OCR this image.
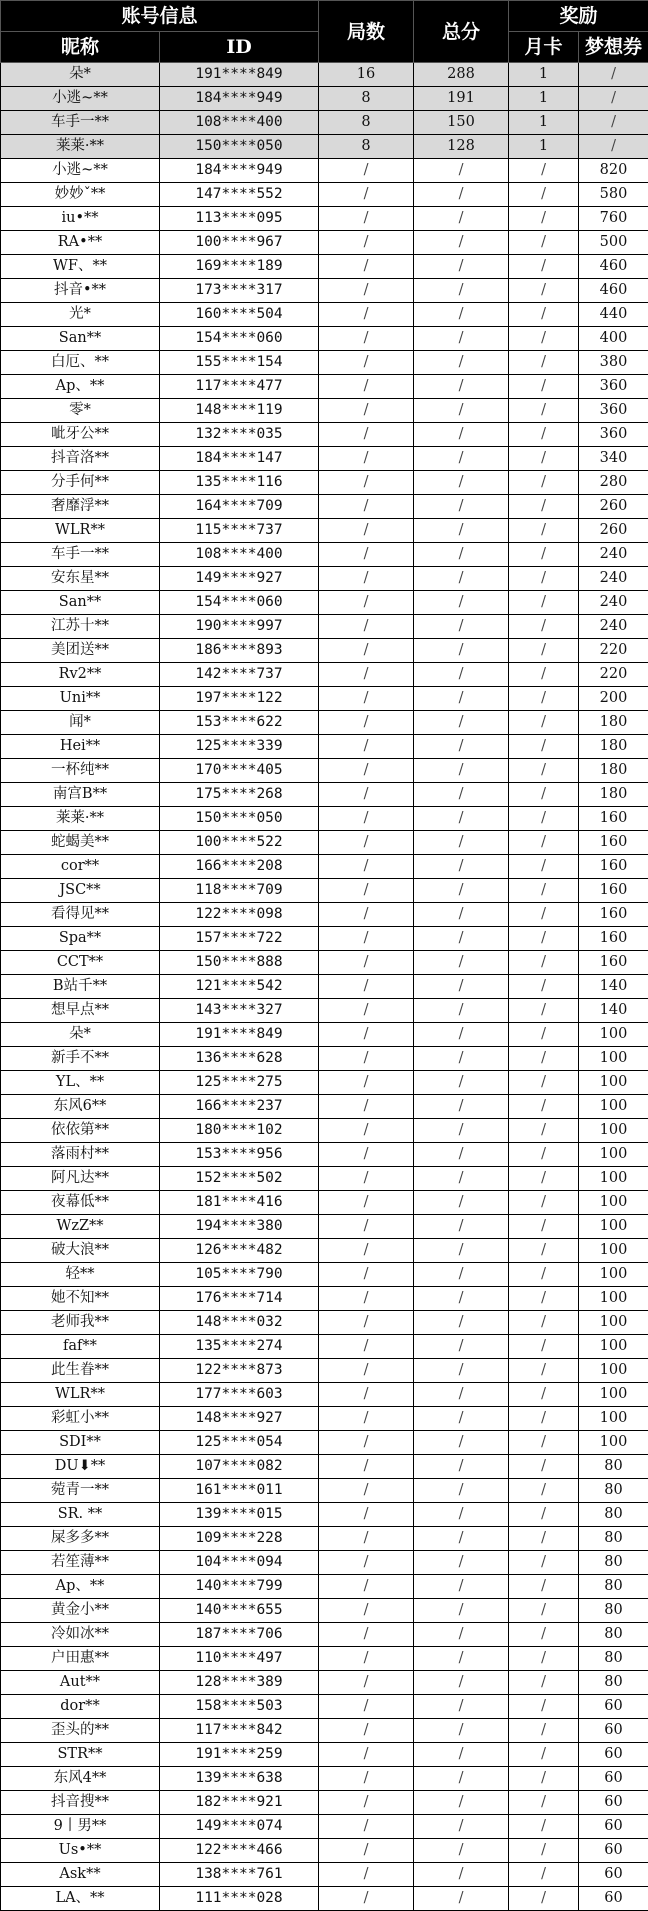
账号信息		局数	总分	奖励	
昵称	ID			月卡	梦想券
朵*	191****849	16	288	1	/
小逃~**	184****949	8	191	1	/
车手一**	108****400	8	150	1	/
莱莱·**	150****050	8	128	1	/
小逃~**	184****949	/	/	/	820
妙妙ˇ**	147****552	/	/	/	580
iu•**	113****095	/	/	/	760
RA•**	100****967	/	/	/	500
WF、**	169****189	/	/	/	460
抖音•**	173****317	/	/	/	460
光*	160****504	/	/	/	440
San**	154****060	/	/	/	400
白厄、**	155****154	/	/	/	380
Ap、**	117****477	/	/	/	360
零*	148****119	/	/	/	360
呲牙公**	132****035	/	/	/	360
抖音洛**	184****147	/	/	/	340
分手何**	135****116	/	/	/	280
奢靡浮**	164****709	/	/	/	260
WLR**	115****737	/	/	/	260
车手一**	108****400	/	/	/	240
安东星**	149****927	/	/	/	240
San**	154****060	/	/	/	240
江苏十**	190****997	/	/	/	240
美团送**	186****893	/	/	/	220
Rv2**	142****737	/	/	/	220
Uni**	197****122	/	/	/	200
闻*	153****622	/	/	/	180
Hei**	125****339	/	/	/	180
一杯纯**	170****405	/	/	/	180
南宫B**	175****268	/	/	/	180
莱莱·**	150****050	/	/	/	160
蛇蝎美**	100****522	/	/	/	160
cor**	166****208	/	/	/	160
JSC**	118****709	/	/	/	160
看得见**	122****098	/	/	/	160
Spa**	157****722	/	/	/	160
CCT**	150****888	/	/	/	160
B站千**	121****542	/	/	/	140
想早点**	143****327	/	/	/	140
朵*	191****849	/	/	/	100
新手不**	136****628	/	/	/	100
YL、**	125****275	/	/	/	100
东风6**	166****237	/	/	/	100
依依第**	180****102	/	/	/	100
落雨村**	153****956	/	/	/	100
阿凡达**	152****502	/	/	/	100
夜幕低**	181****416	/	/	/	100
WzZ**	194****380	/	/	/	100
破大浪**	126****482	/	/	/	100
轻**	105****790	/	/	/	100
她不知**	176****714	/	/	/	100
老师我**	148****032	/	/	/	100
faf**	135****274	/	/	/	100
此生眷**	122****873	/	/	/	100
WLR**	177****603	/	/	/	100
彩虹小**	148****927	/	/	/	100
SDI**	125****054	/	/	/	100
DU⬇**	107****082	/	/	/	80
菀青一**	161****011	/	/	/	80
SR. **	139****015	/	/	/	80
屎多多**	109****228	/	/	/	80
若笙薄**	104****094	/	/	/	80
Ap、**	140****799	/	/	/	80
黄金小**	140****655	/	/	/	80
冷如冰**	187****706	/	/	/	80
户田惠**	110****497	/	/	/	80
Aut**	128****389	/	/	/	80
dor**	158****503	/	/	/	60
歪头的**	117****842	/	/	/	60
STR**	191****259	/	/	/	60
东风4**	139****638	/	/	/	60
抖音搜**	182****921	/	/	/	60
9丨男**	149****074	/	/	/	60
Us•**	122****466	/	/	/	60
Ask**	138****761	/	/	/	60
LA、**	111****028	/	/	/	60
